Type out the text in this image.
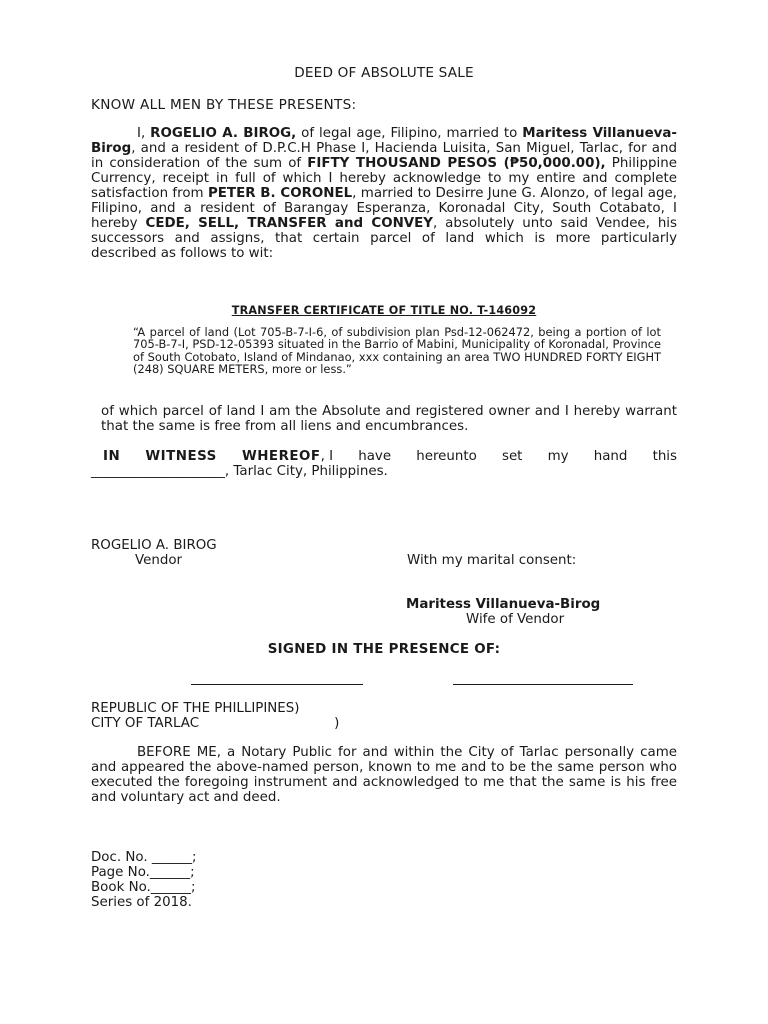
DEED OF ABSOLUTE SALE
KNOW ALL MEN BY THESE PRESENTS:
I, ROGELIO A. BIROG, of legal age, Filipino, married to Maritess Villanueva-Birog, and a resident of D.P.C.H Phase I, Hacienda Luisita, San Miguel, Tarlac, for and in consideration of the sum of FIFTY THOUSAND PESOS (₱50,000.00), Philippine Currency, receipt in full of which I hereby acknowledge to my entire and complete satisfaction from PETER B. CORONEL, married to Desirre June G. Alonzo, of legal age, Filipino, and a resident of Barangay Esperanza, Koronadal City, South Cotabato, I hereby CEDE, SELL, TRANSFER and CONVEY, absolutely unto said Vendee, his successors and assigns, that certain parcel of land which is more particularly described as follows to wit:
TRANSFER CERTIFICATE OF TITLE NO. T-146092
“A parcel of land (Lot 705-B-7-I-6, of subdivision plan Psd-12-062472, being a portion of lot 705-B-7-I, PSD-12-05393 situated in the Barrio of Mabini, Municipality of Koronadal, Province of South Cotobato, Island of Mindanao, xxx containing an area TWO HUNDRED FORTY EIGHT (248) SQUARE METERS, more or less.”
of which parcel of land I am the Absolute and registered owner and I hereby warrant that the same is free from all liens and encumbrances.
IN WITNESS WHEREOF, I have hereunto set my hand this
____________________, Tarlac City, Philippines.
ROGELIO A. BIROG
Vendor	With my marital consent:
Maritess Villanueva-Birog
Wife of Vendor
SIGNED IN THE PRESENCE OF:
REPUBLIC OF THE PHILLIPINES)
CITY OF TARLAC	)
BEFORE ME, a Notary Public for and within the City of Tarlac personally came and appeared the above-named person, known to me and to be the same person who executed the foregoing instrument and acknowledged to me that the same is his free and voluntary act and deed.
Doc. No. ______;
Page No.______;
Book No.______;
Series of 2018.
